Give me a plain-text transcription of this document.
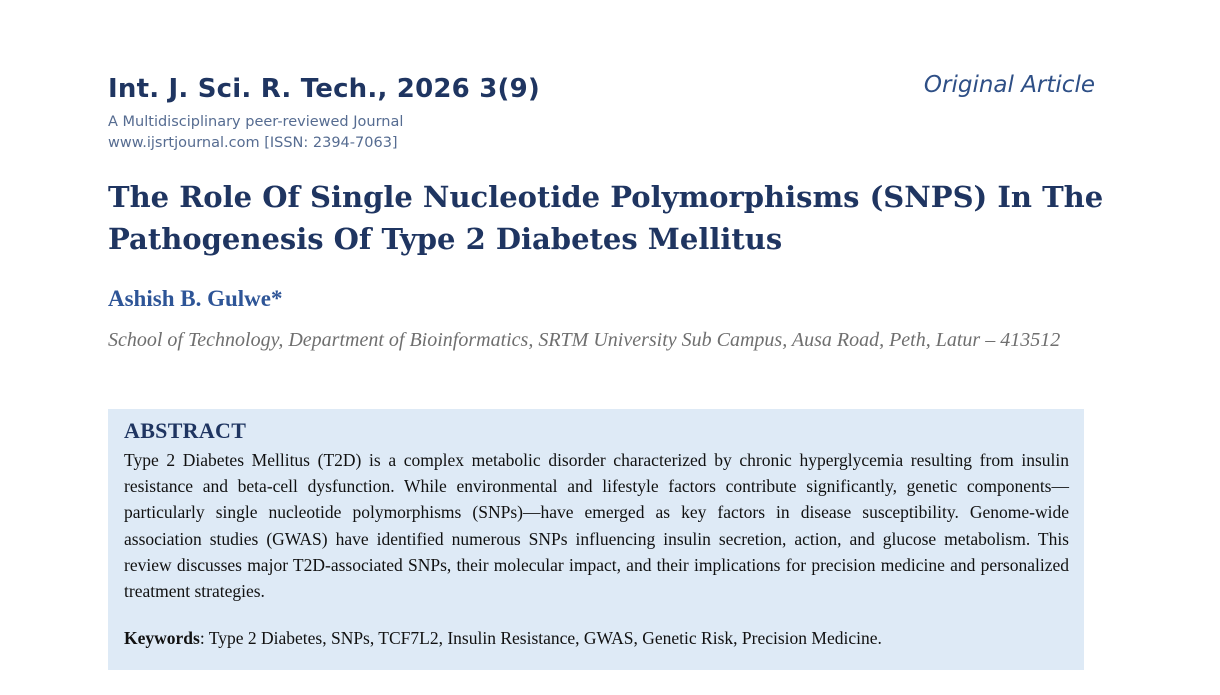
Int. J. Sci. R. Tech., 2026 3(9)	Original Article
A Multidisciplinary peer-reviewed Journal
www.ijsrtjournal.com [ISSN: 2394-7063]
The Role Of Single Nucleotide Polymorphisms (SNPS) In The Pathogenesis Of Type 2 Diabetes Mellitus
Ashish B. Gulwe*
School of Technology, Department of Bioinformatics, SRTM University Sub Campus, Ausa Road, Peth, Latur – 413512
ABSTRACT

Type 2 Diabetes Mellitus (T2D) is a complex metabolic disorder characterized by chronic hyperglycemia resulting from insulin resistance and beta-cell dysfunction. While environmental and lifestyle factors contribute significantly, genetic components—particularly single nucleotide polymorphisms (SNPs)—have emerged as key factors in disease susceptibility. Genome-wide association studies (GWAS) have identified numerous SNPs influencing insulin secretion, action, and glucose metabolism. This review discusses major T2D-associated SNPs, their molecular impact, and their implications for precision medicine and personalized treatment strategies.

Keywords: Type 2 Diabetes, SNPs, TCF7L2, Insulin Resistance, GWAS, Genetic Risk, Precision Medicine.
